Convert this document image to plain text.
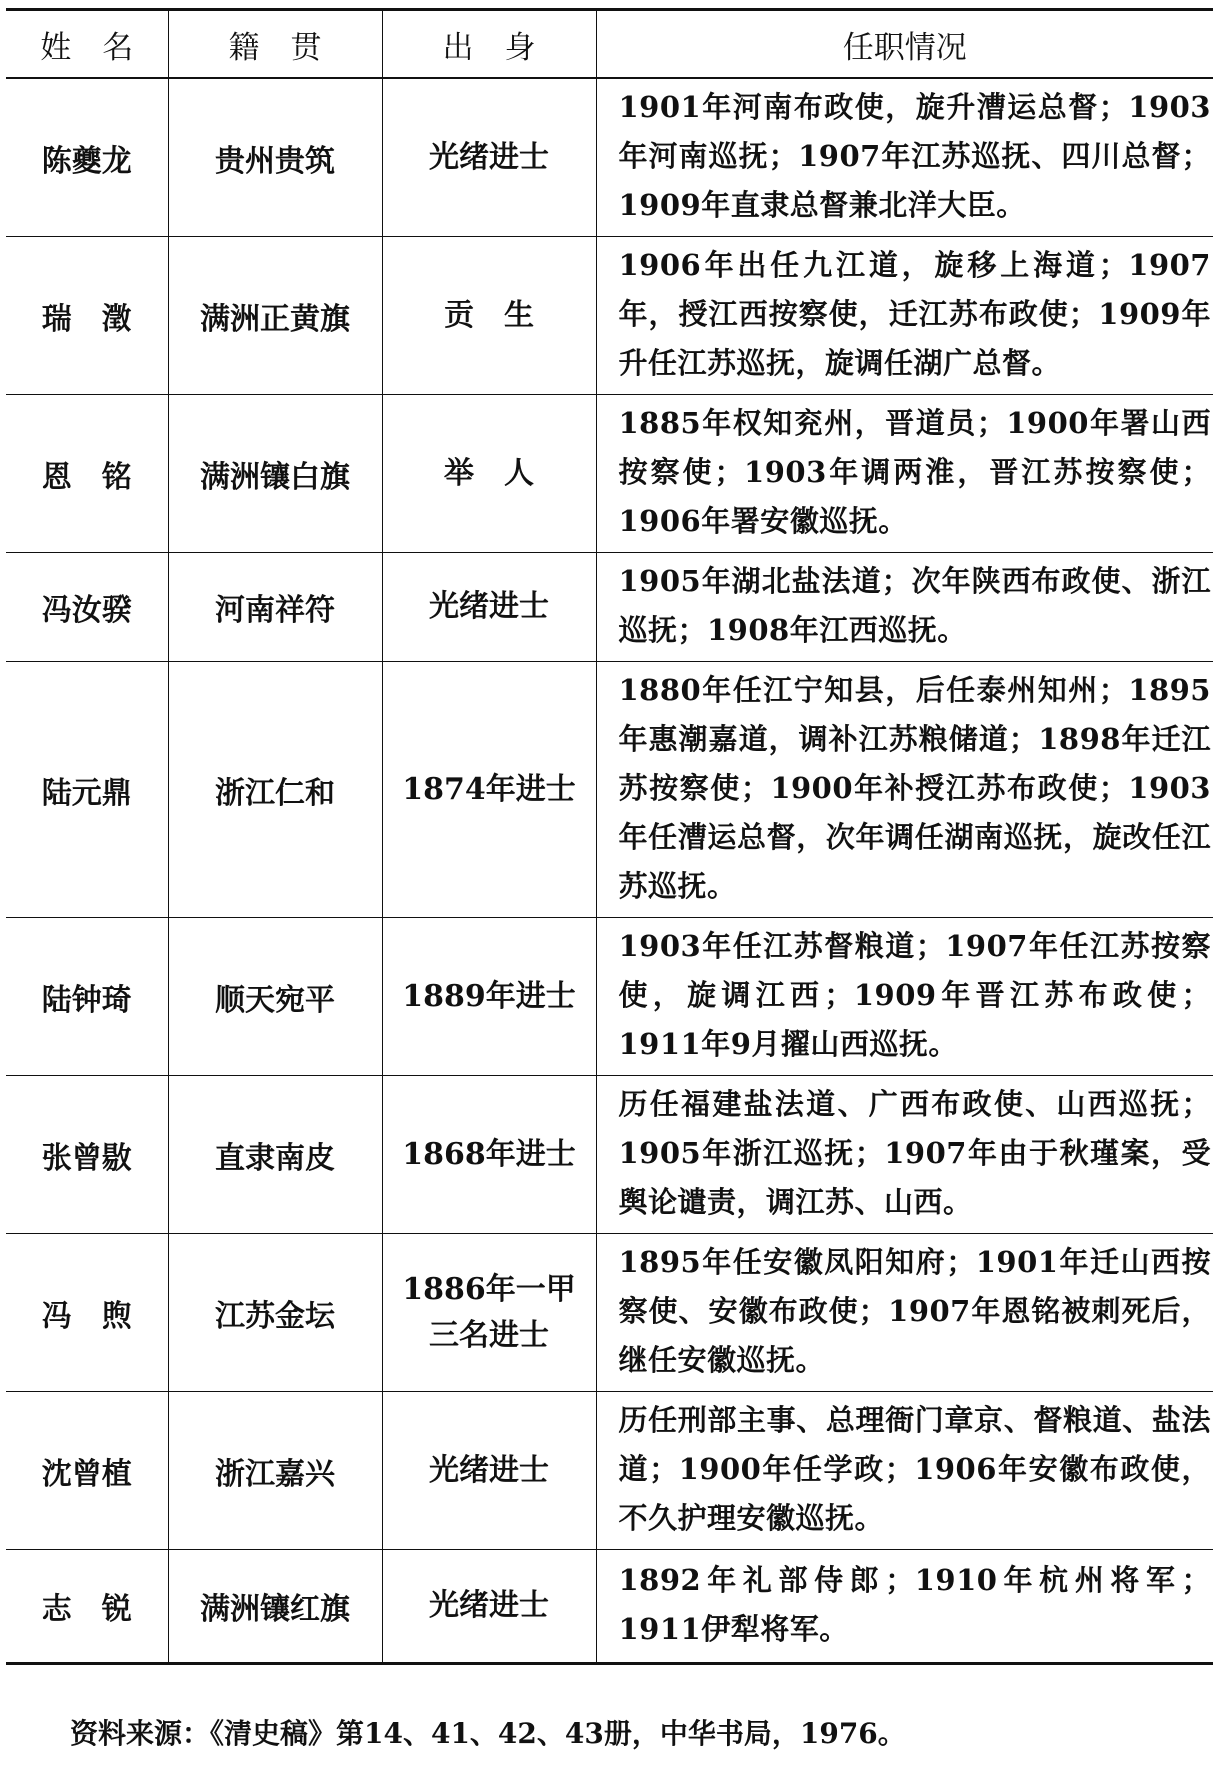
姓　名	籍　贯	出　身	任职情况
陈夔龙	贵州贵筑	光绪进士	1901年河南布政使，旋升漕运总督；1903年河南巡抚；1907年江苏巡抚、四川总督；1909年直隶总督兼北洋大臣。
瑞　澂	满洲正黄旗	贡　生	1906年出任九江道，旋移上海道；1907年，授江西按察使，迁江苏布政使；1909年升任江苏巡抚，旋调任湖广总督。
恩　铭	满洲镶白旗	举　人	1885年权知兖州，晋道员；1900年署山西按察使；1903年调两淮，晋江苏按察使；1906年署安徽巡抚。
冯汝骙	河南祥符	光绪进士	1905年湖北盐法道；次年陕西布政使、浙江巡抚；1908年江西巡抚。
陆元鼎	浙江仁和	1874年进士	1880年任江宁知县，后任泰州知州；1895年惠潮嘉道，调补江苏粮储道；1898年迁江苏按察使；1900年补授江苏布政使；1903年任漕运总督，次年调任湖南巡抚，旋改任江苏巡抚。
陆钟琦	顺天宛平	1889年进士	1903年任江苏督粮道；1907年任江苏按察使，旋调江西；1909年晋江苏布政使；1911年9月擢山西巡抚。
张曾敭	直隶南皮	1868年进士	历任福建盐法道、广西布政使、山西巡抚；1905年浙江巡抚；1907年由于秋瑾案，受舆论谴责，调江苏、山西。
冯　煦	江苏金坛	1886年一甲三名进士	1895年任安徽凤阳知府；1901年迁山西按察使、安徽布政使；1907年恩铭被刺死后，继任安徽巡抚。
沈曾植	浙江嘉兴	光绪进士	历任刑部主事、总理衙门章京、督粮道、盐法道；1900年任学政；1906年安徽布政使，不久护理安徽巡抚。
志　锐	满洲镶红旗	光绪进士	1892年礼部侍郎；1910年杭州将军；1911伊犁将军。
资料来源：《清史稿》第14、41、42、43册，中华书局，1976。
